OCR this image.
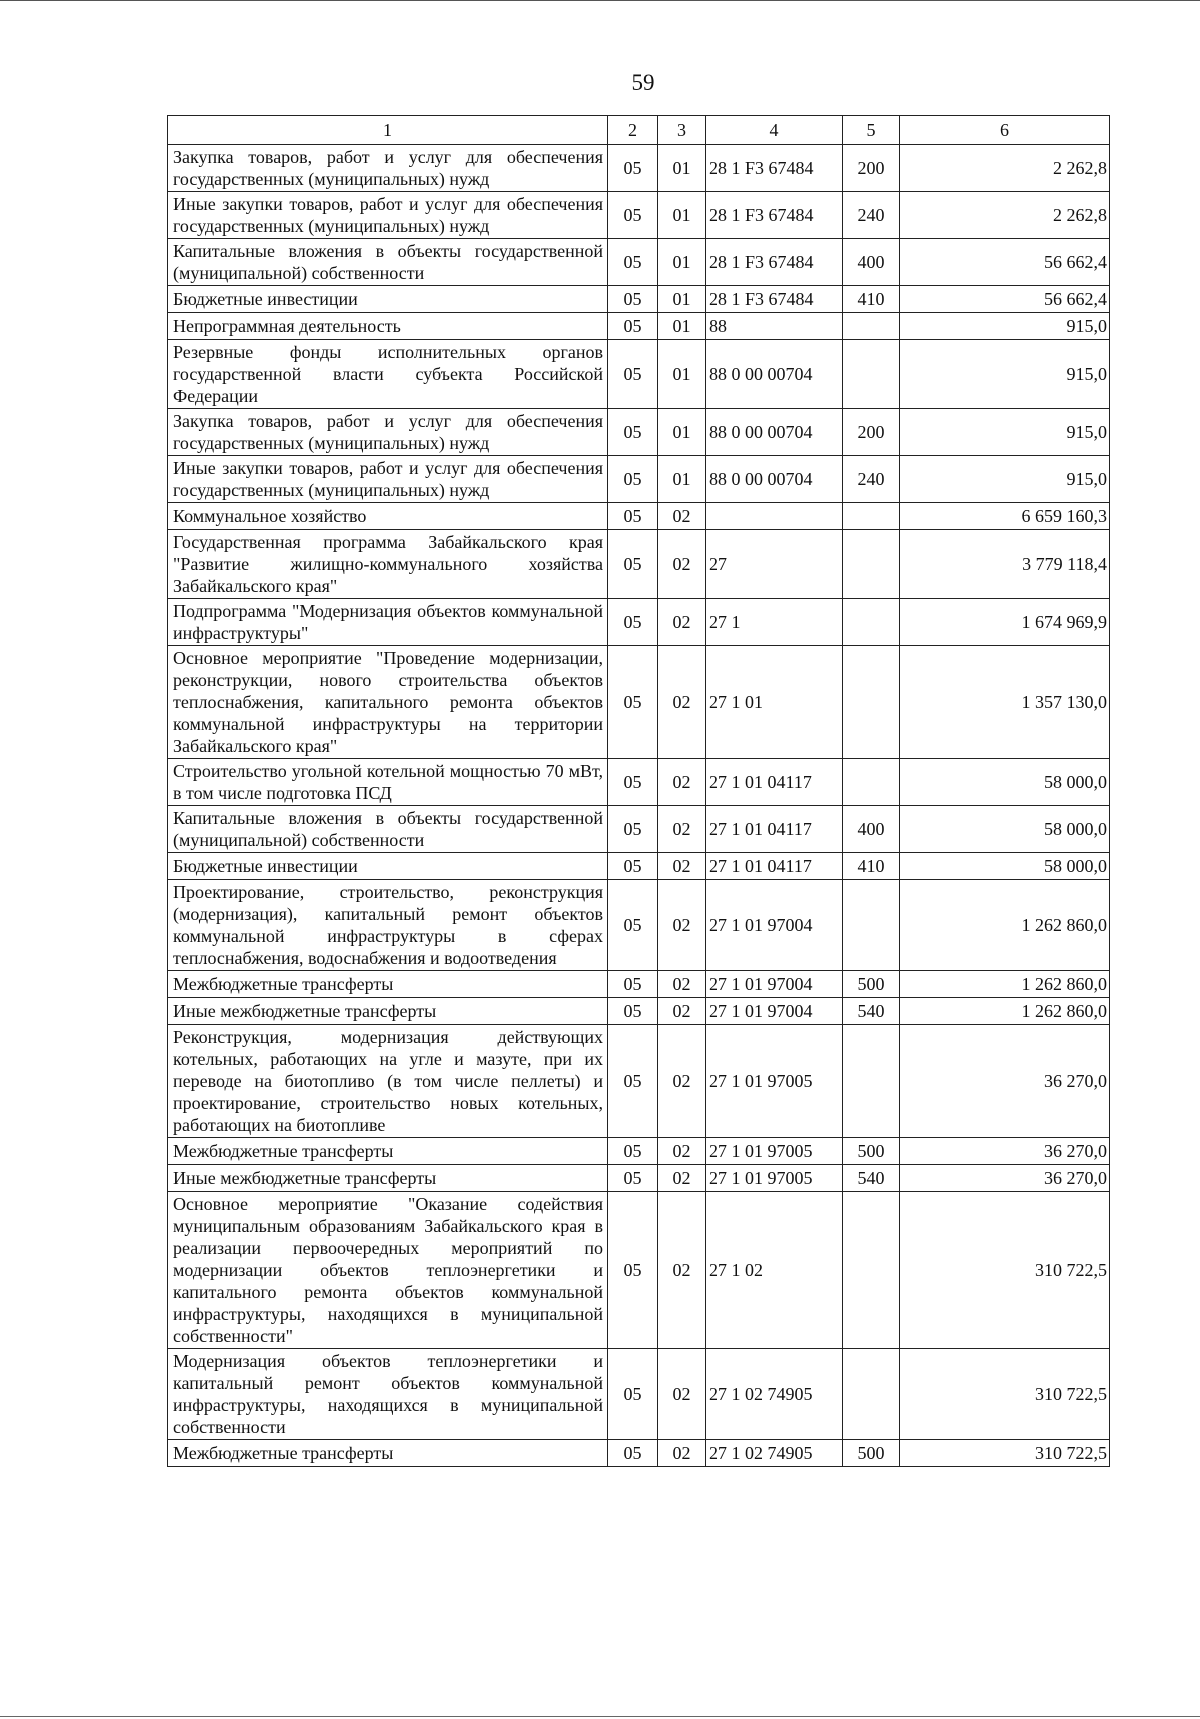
59
1	2	3	4	5	6
Закупка товаров, работ и услуг для обеспечения государственных (муниципальных) нужд	05	01	28 1 F3 67484	200	2 262,8
Иные закупки товаров, работ и услуг для обеспечения государственных (муниципальных) нужд	05	01	28 1 F3 67484	240	2 262,8
Капитальные вложения в объекты государственной (муниципальной) собственности	05	01	28 1 F3 67484	400	56 662,4
Бюджетные инвестиции	05	01	28 1 F3 67484	410	56 662,4
Непрограммная деятельность	05	01	88		915,0
Резервные фонды исполнительных органов государственной власти субъекта Российской Федерации	05	01	88 0 00 00704		915,0
Закупка товаров, работ и услуг для обеспечения государственных (муниципальных) нужд	05	01	88 0 00 00704	200	915,0
Иные закупки товаров, работ и услуг для обеспечения государственных (муниципальных) нужд	05	01	88 0 00 00704	240	915,0
Коммунальное хозяйство	05	02			6 659 160,3
Государственная программа Забайкальского края "Развитие жилищно-коммунального хозяйства Забайкальского края"	05	02	27		3 779 118,4
Подпрограмма "Модернизация объектов коммунальной инфраструктуры"	05	02	27 1		1 674 969,9
Основное мероприятие "Проведение модернизации, реконструкции, нового строительства объектов теплоснабжения, капитального ремонта объектов коммунальной инфраструктуры на территории Забайкальского края"	05	02	27 1 01		1 357 130,0
Строительство угольной котельной мощностью 70 мВт, в том числе подготовка ПСД	05	02	27 1 01 04117		58 000,0
Капитальные вложения в объекты государственной (муниципальной) собственности	05	02	27 1 01 04117	400	58 000,0
Бюджетные инвестиции	05	02	27 1 01 04117	410	58 000,0
Проектирование, строительство, реконструкция (модернизация), капитальный ремонт объектов коммунальной инфраструктуры в сферах теплоснабжения, водоснабжения и водоотведения	05	02	27 1 01 97004		1 262 860,0
Межбюджетные трансферты	05	02	27 1 01 97004	500	1 262 860,0
Иные межбюджетные трансферты	05	02	27 1 01 97004	540	1 262 860,0
Реконструкция, модернизация действующих котельных, работающих на угле и мазуте, при их переводе на биотопливо (в том числе пеллеты) и проектирование, строительство новых котельных, работающих на биотопливе	05	02	27 1 01 97005		36 270,0
Межбюджетные трансферты	05	02	27 1 01 97005	500	36 270,0
Иные межбюджетные трансферты	05	02	27 1 01 97005	540	36 270,0
Основное мероприятие "Оказание содействия муниципальным образованиям Забайкальского края в реализации первоочередных мероприятий по модернизации объектов теплоэнергетики и капитального ремонта объектов коммунальной инфраструктуры, находящихся в муниципальной собственности"	05	02	27 1 02		310 722,5
Модернизация объектов теплоэнергетики и капитальный ремонт объектов коммунальной инфраструктуры, находящихся в муниципальной собственности	05	02	27 1 02 74905		310 722,5
Межбюджетные трансферты	05	02	27 1 02 74905	500	310 722,5
